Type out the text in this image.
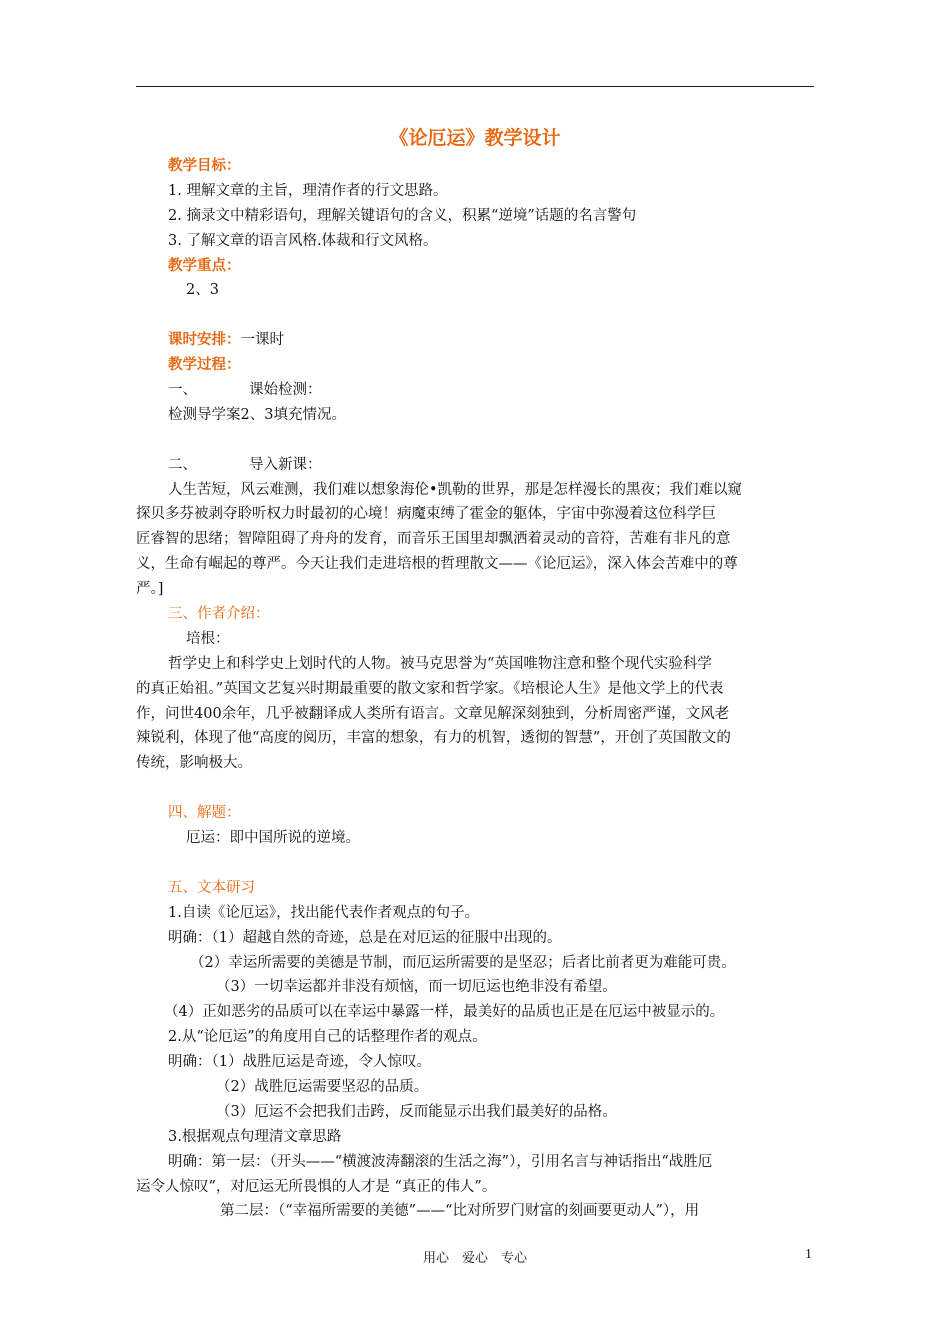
《论厄运》教学设计
教学目标：
1. 理解文章的主旨，理清作者的行文思路。
2. 摘录文中精彩语句，理解关键语句的含义，积累“逆境”话题的名言警句
3. 了解文章的语言风格.体裁和行文风格。
教学重点：
2、3
课时安排：一课时
教学过程：
一、	课始检测：
检测导学案2、3填充情况。
二、	导入新课：
人生苦短，风云难测，我们难以想象海伦•凯勒的世界，那是怎样漫长的黑夜；我们难以窥
探贝多芬被剥夺聆听权力时最初的心境！病魔束缚了霍金的躯体，宇宙中弥漫着这位科学巨
匠睿智的思绪；智障阻碍了舟舟的发育，而音乐王国里却飘洒着灵动的音符，苦难有非凡的意
义，生命有崛起的尊严。今天让我们走进培根的哲理散文——《论厄运》，深入体会苦难中的尊
严。]
三、作者介绍：
培根：
哲学史上和科学史上划时代的人物。被马克思誉为“英国唯物注意和整个现代实验科学
的真正始祖。”英国文艺复兴时期最重要的散文家和哲学家。《培根论人生》是他文学上的代表
作，问世400余年，几乎被翻译成人类所有语言。文章见解深刻独到，分析周密严谨，文风老
辣锐利，体现了他“高度的阅历，丰富的想象，有力的机智，透彻的智慧”，开创了英国散文的
传统，影响极大。
四、解题：
厄运：即中国所说的逆境。
五、文本研习
1.自读《论厄运》，找出能代表作者观点的句子。
明确：（1）超越自然的奇迹，总是在对厄运的征服中出现的。
（2）幸运所需要的美德是节制，而厄运所需要的是坚忍；后者比前者更为难能可贵。
（3）一切幸运都并非没有烦恼，而一切厄运也绝非没有希望。
（4）正如恶劣的品质可以在幸运中暴露一样，最美好的品质也正是在厄运中被显示的。
2.从“论厄运”的角度用自己的话整理作者的观点。
明确：（1）战胜厄运是奇迹，令人惊叹。
（2）战胜厄运需要坚忍的品质。
（3）厄运不会把我们击跨，反而能显示出我们最美好的品格。
3.根据观点句理清文章思路
明确：第一层：（开头——“横渡波涛翻滚的生活之海”），引用名言与神话指出“战胜厄
运令人惊叹”，对厄运无所畏惧的人才是 “真正的伟人”。
第二层：（“幸福所需要的美德”——“比对所罗门财富的刻画要更动人”），用
用心　爱心　专心	1
